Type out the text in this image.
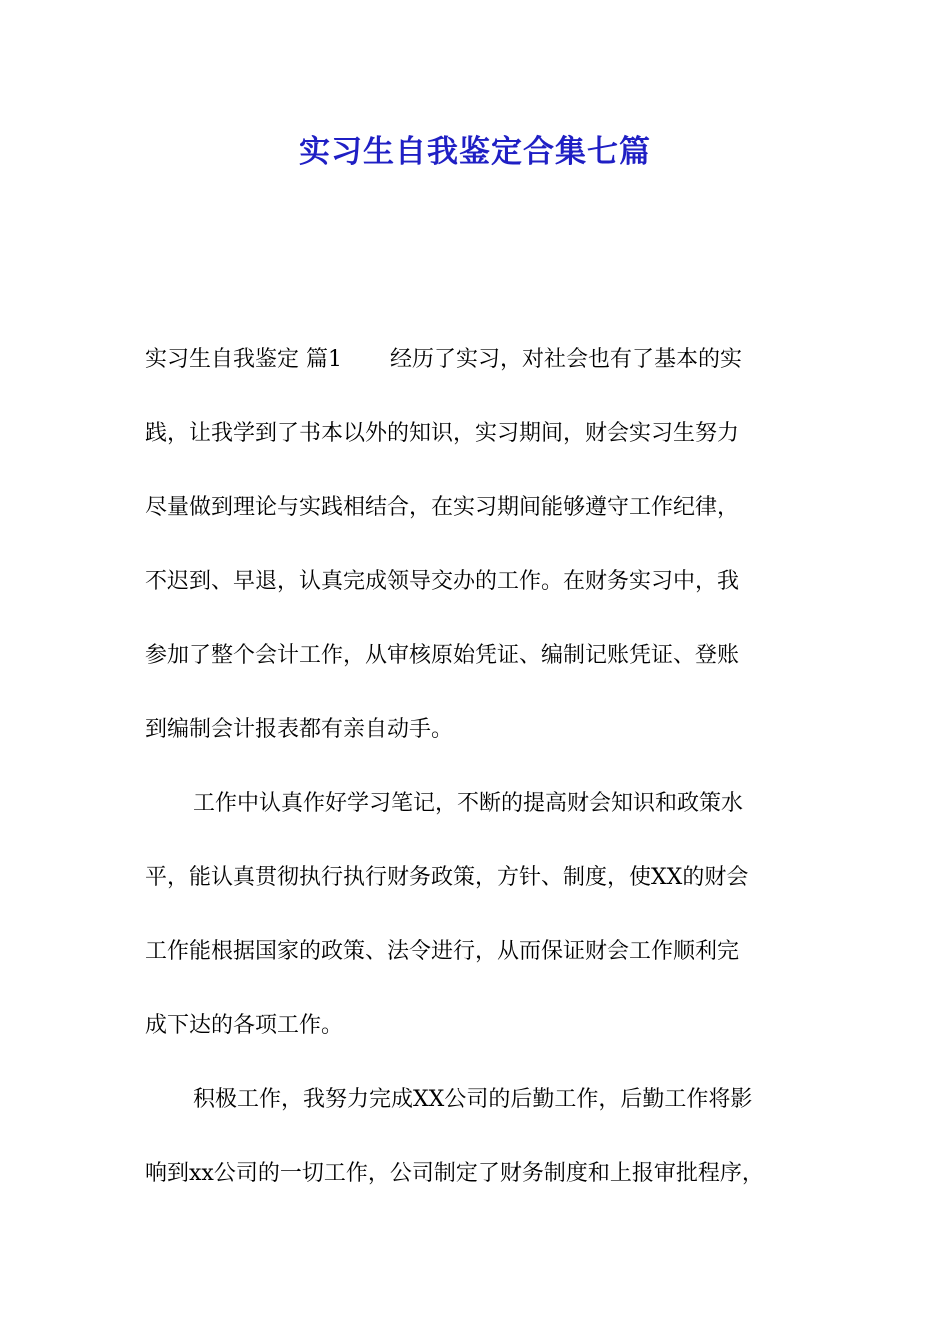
实习生自我鉴定合集七篇
实习生自我鉴定 篇1 经历了实习，对社会也有了基本的实
践，让我学到了书本以外的知识，实习期间，财会实习生努力
尽量做到理论与实践相结合，在实习期间能够遵守工作纪律，
不迟到、早退，认真完成领导交办的工作。在财务实习中，我
参加了整个会计工作，从审核原始凭证、编制记账凭证、登账
到编制会计报表都有亲自动手。
工作中认真作好学习笔记，不断的提高财会知识和政策水
平，能认真贯彻执行执行财务政策，方针、制度，使XX的财会
工作能根据国家的政策、法令进行，从而保证财会工作顺利完
成下达的各项工作。
积极工作，我努力完成XX公司的后勤工作，后勤工作将影
响到xx公司的一切工作，公司制定了财务制度和上报审批程序，
